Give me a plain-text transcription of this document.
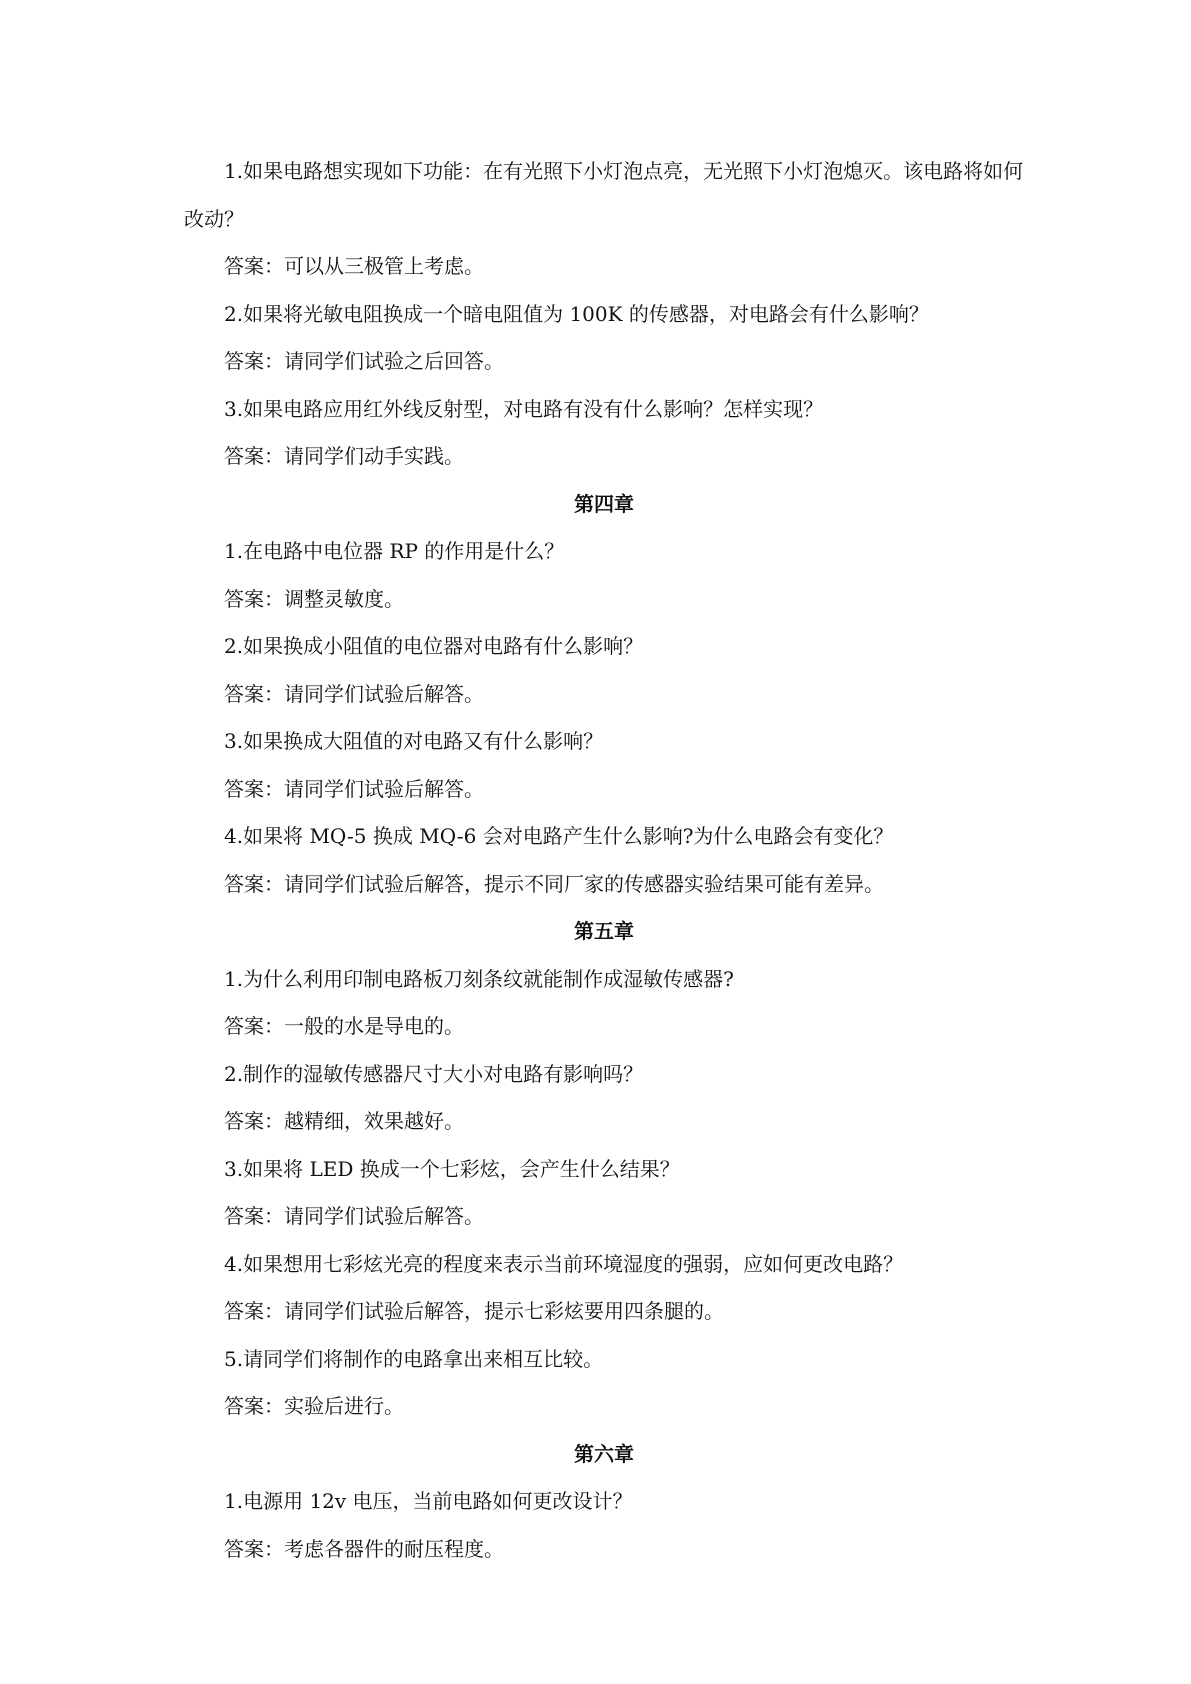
1.如果电路想实现如下功能：在有光照下小灯泡点亮，无光照下小灯泡熄灭。该电路将如何改动？

答案：可以从三极管上考虑。

2.如果将光敏电阻换成一个暗电阻值为 100K 的传感器，对电路会有什么影响？

答案：请同学们试验之后回答。

3.如果电路应用红外线反射型，对电路有没有什么影响？怎样实现？

答案：请同学们动手实践。

第四章

1.在电路中电位器 RP 的作用是什么？

答案：调整灵敏度。

2.如果换成小阻值的电位器对电路有什么影响？

答案：请同学们试验后解答。

3.如果换成大阻值的对电路又有什么影响？

答案：请同学们试验后解答。

4.如果将 MQ-5 换成 MQ-6 会对电路产生什么影响?为什么电路会有变化？

答案：请同学们试验后解答，提示不同厂家的传感器实验结果可能有差异。

第五章

1.为什么利用印制电路板刀刻条纹就能制作成湿敏传感器?

答案：一般的水是导电的。

2.制作的湿敏传感器尺寸大小对电路有影响吗？

答案：越精细，效果越好。

3.如果将 LED 换成一个七彩炫，会产生什么结果？

答案：请同学们试验后解答。

4.如果想用七彩炫光亮的程度来表示当前环境湿度的强弱，应如何更改电路？

答案：请同学们试验后解答，提示七彩炫要用四条腿的。

5.请同学们将制作的电路拿出来相互比较。

答案：实验后进行。

第六章

1.电源用 12v 电压，当前电路如何更改设计？

答案：考虑各器件的耐压程度。
